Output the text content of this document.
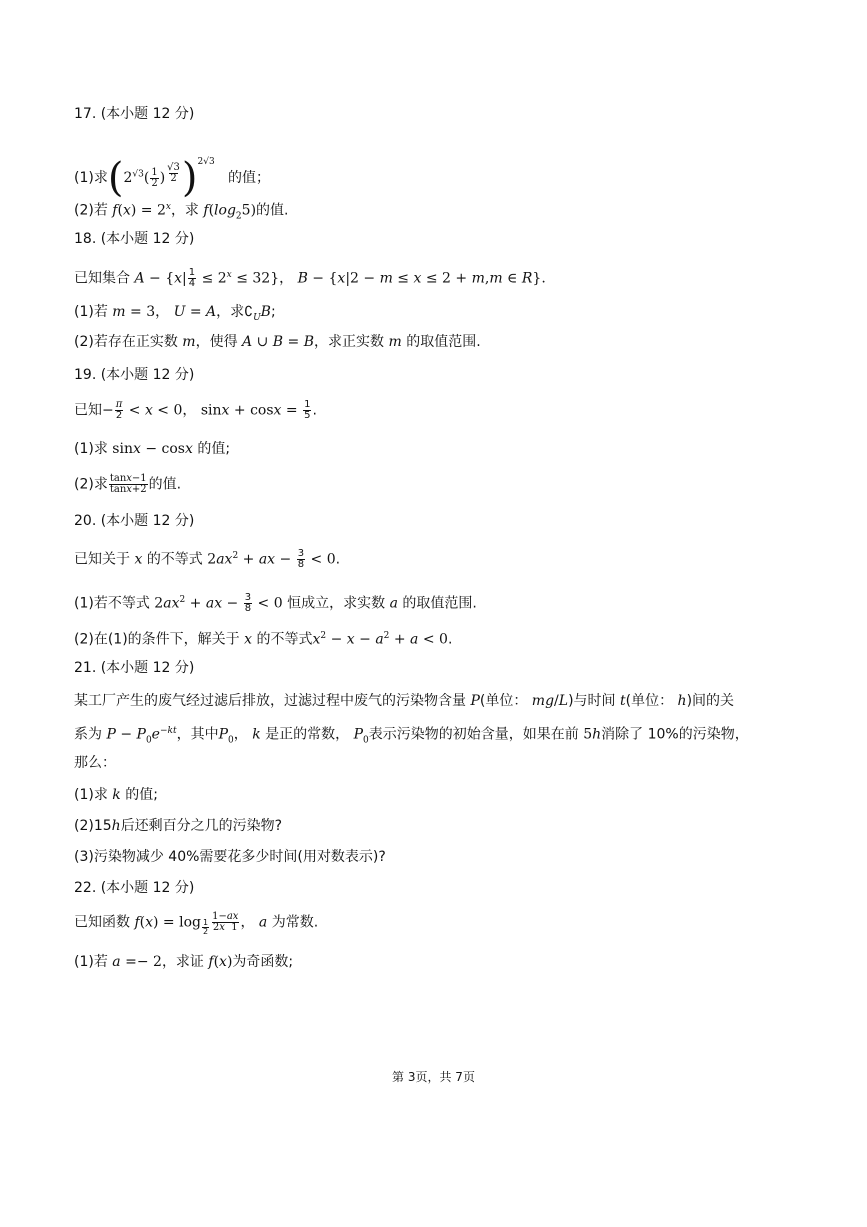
17. (本小题 12 分)
(1)求($2^{√3}( \frac{1}{2}$ ) $^{\frac{√3}{2}}$ )$^{2√3}$   的值；
(2)若 $f(x) = 2^x$，求 $f(\log_25)$的值.
18. (本小题 12 分)
已知集合 $A - \{x| \frac{1}{4} \le 2^x \le 32\}$， B − {x|2 − m ≤ x ≤ 2 + m,m ∈ R}.
(1)若 m = 3， U = A，求$∁_UB$;
(2)若存在正实数 m，使得 A ∪ B = B，求正实数 m 的取值范围.
19. (本小题 12 分)
已知− $\frac{\pi}{2} < x < 0$， $\sin x + \cos x = \frac{1}{5}$ .
(1)求 sinx − cosx 的值;
(2)求 $\frac{\tan x-1}{\tan x+2}$ 的值.
20. (本小题 12 分)
已知关于 x 的不等式 $2ax^2$ + ax − $\frac{3}{8} < 0$.
(1)若不等式 $2ax^2$ + ax − $\frac{3}{8} < 0$ 恒成立，求实数 a 的取值范围.
(2)在(1)的条件下，解关于 x 的不等式$x^2 - x - a^2 + a < 0$.
21. (本小题 12 分)
某工厂产生的废气经过滤后排放，过滤过程中废气的污染物含量 P(单位： mg/L)与时间 t(单位： h)间的关
系为 $P - P_0e^{-kt}$，其中$P_0$， k 是正的常数， $P_0$表示污染物的初始含量，如果在前 5h消除了 10%的污染物，
那么：
(1)求 k 的值;
(2)15h后还剩百分之几的污染物?
(3)污染物减少 40%需要花多少时间(用对数表示)?
22. (本小题 12 分)
已知函数 $f(x) = \log _{\frac{1}{2}} \frac{1-ax}{2x 1}$ ， a 为常数.
(1)若 a =− 2，求证 f(x)为奇函数;
第 3页，共 7页
